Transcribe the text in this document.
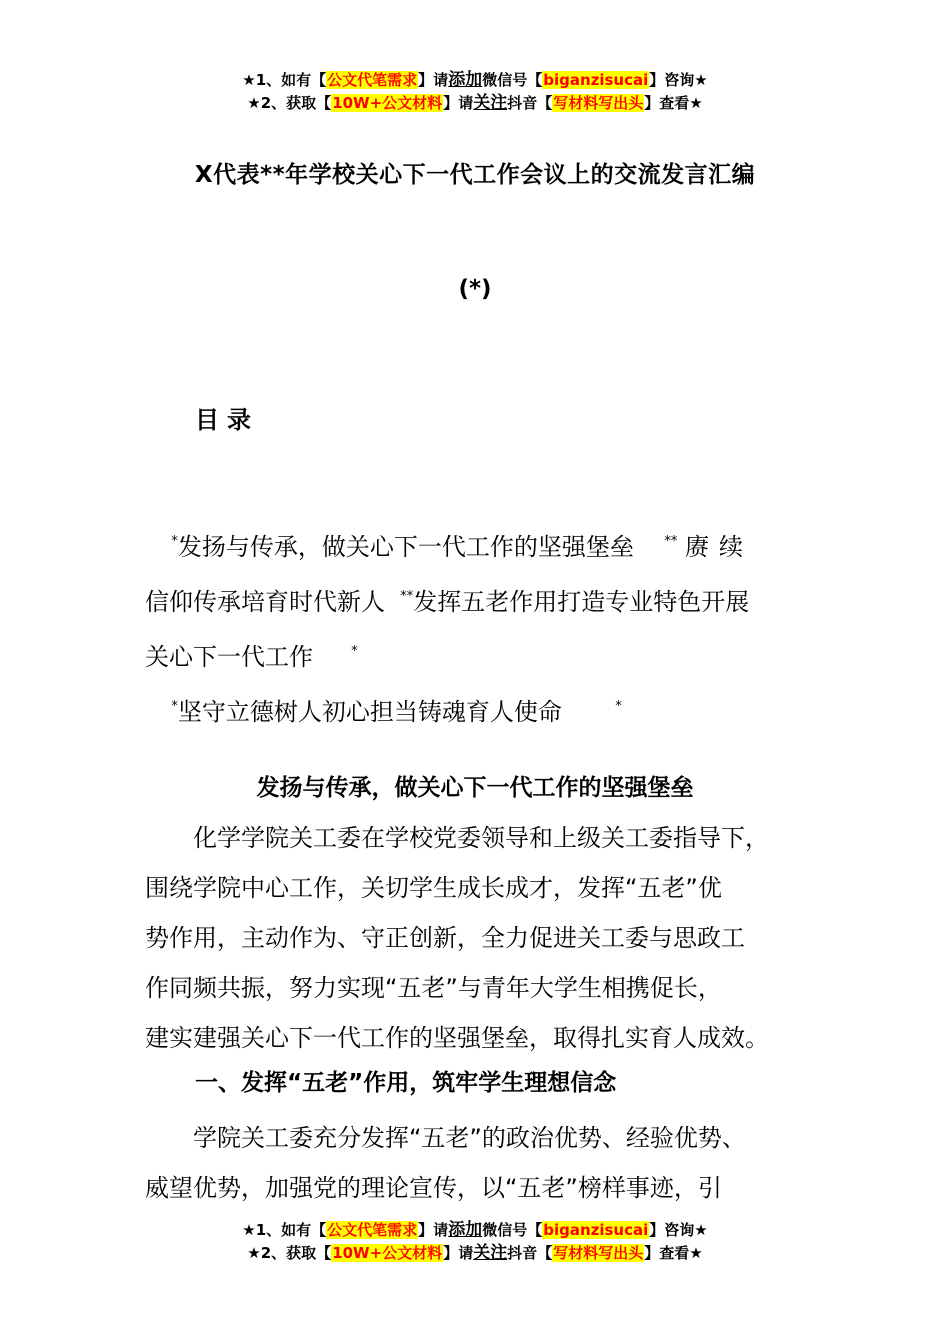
★1、如有【公文代笔需求】请添加微信号【biganzisucai】咨询★
★2、获取【10W+公文材料】请关注抖音【写材料写出头】查看★
X代表**年学校关心下一代工作会议上的交流发言汇编
(*)
目录
　 *发扬与传承，做关心下一代工作的坚强堡垒 ** 赓续
信仰传承培育时代新人 **发挥五老作用打造专业特色开展
关心下一代工作	*
　 *坚守立德树人初心担当铸魂育人使命	*
发扬与传承，做关心下一代工作的坚强堡垒
　　化学学院关工委在学校党委领导和上级关工委指导下，
围绕学院中心工作，关切学生成长成才，发挥“五老”优
势作用，主动作为、守正创新，全力促进关工委与思政工
作同频共振，努力实现“五老”与青年大学生相携促长，
建实建强关心下一代工作的坚强堡垒，取得扎实育人成效。
一、发挥“五老”作用，筑牢学生理想信念
　　学院关工委充分发挥“五老”的政治优势、经验优势、
威望优势，加强党的理论宣传，以“五老”榜样事迹，引
★1、如有【公文代笔需求】请添加微信号【biganzisucai】咨询★
★2、获取【10W+公文材料】请关注抖音【写材料写出头】查看★
